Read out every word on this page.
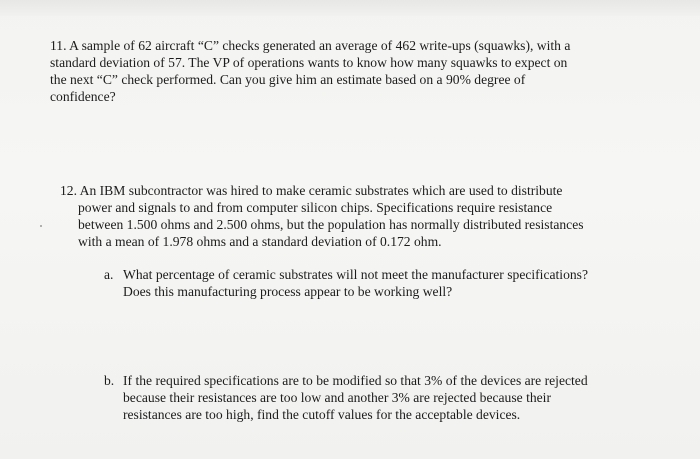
11. A sample of 62 aircraft “C” checks generated an average of 462 write-ups (squawks), with a
standard deviation of 57. The VP of operations wants to know how many squawks to expect on
the next “C” check performed. Can you give him an estimate based on a 90% degree of
confidence?
12. An IBM subcontractor was hired to make ceramic substrates which are used to distribute
power and signals to and from computer silicon chips. Specifications require resistance
between 1.500 ohms and 2.500 ohms, but the population has normally distributed resistances
with a mean of 1.978 ohms and a standard deviation of 0.172 ohm.
a. What percentage of ceramic substrates will not meet the manufacturer specifications?
Does this manufacturing process appear to be working well?
b. If the required specifications are to be modified so that 3% of the devices are rejected
because their resistances are too low and another 3% are rejected because their
resistances are too high, find the cutoff values for the acceptable devices.
